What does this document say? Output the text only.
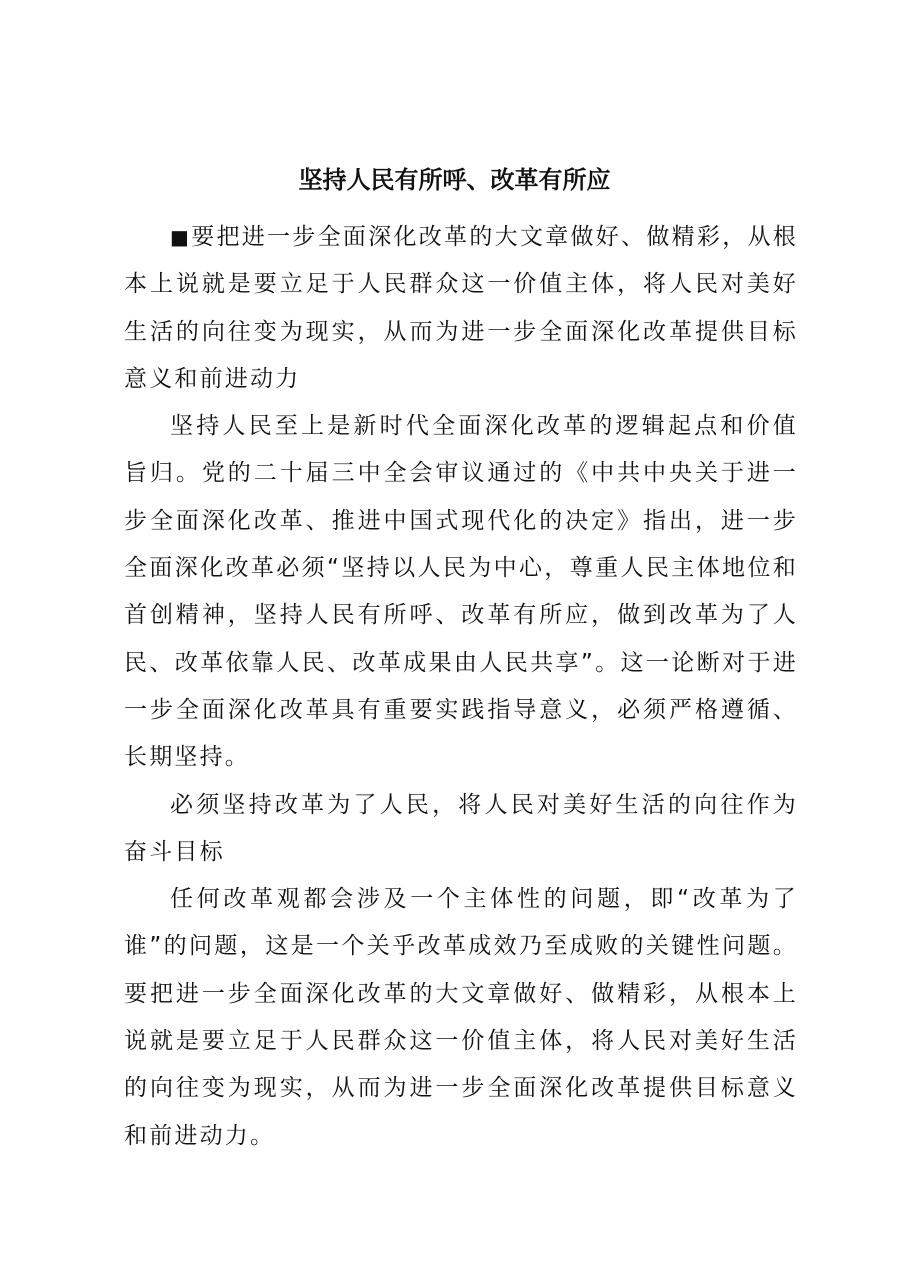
坚持人民有所呼、改革有所应

■要把进一步全面深化改革的大文章做好、做精彩，从根本上说就是要立足于人民群众这一价值主体，将人民对美好生活的向往变为现实，从而为进一步全面深化改革提供目标意义和前进动力

坚持人民至上是新时代全面深化改革的逻辑起点和价值旨归。党的二十届三中全会审议通过的《中共中央关于进一步全面深化改革、推进中国式现代化的决定》指出，进一步全面深化改革必须“坚持以人民为中心，尊重人民主体地位和首创精神，坚持人民有所呼、改革有所应，做到改革为了人民、改革依靠人民、改革成果由人民共享”。这一论断对于进一步全面深化改革具有重要实践指导意义，必须严格遵循、长期坚持。

必须坚持改革为了人民，将人民对美好生活的向往作为奋斗目标

任何改革观都会涉及一个主体性的问题，即“改革为了谁”的问题，这是一个关乎改革成效乃至成败的关键性问题。要把进一步全面深化改革的大文章做好、做精彩，从根本上说就是要立足于人民群众这一价值主体，将人民对美好生活的向往变为现实，从而为进一步全面深化改革提供目标意义和前进动力。
